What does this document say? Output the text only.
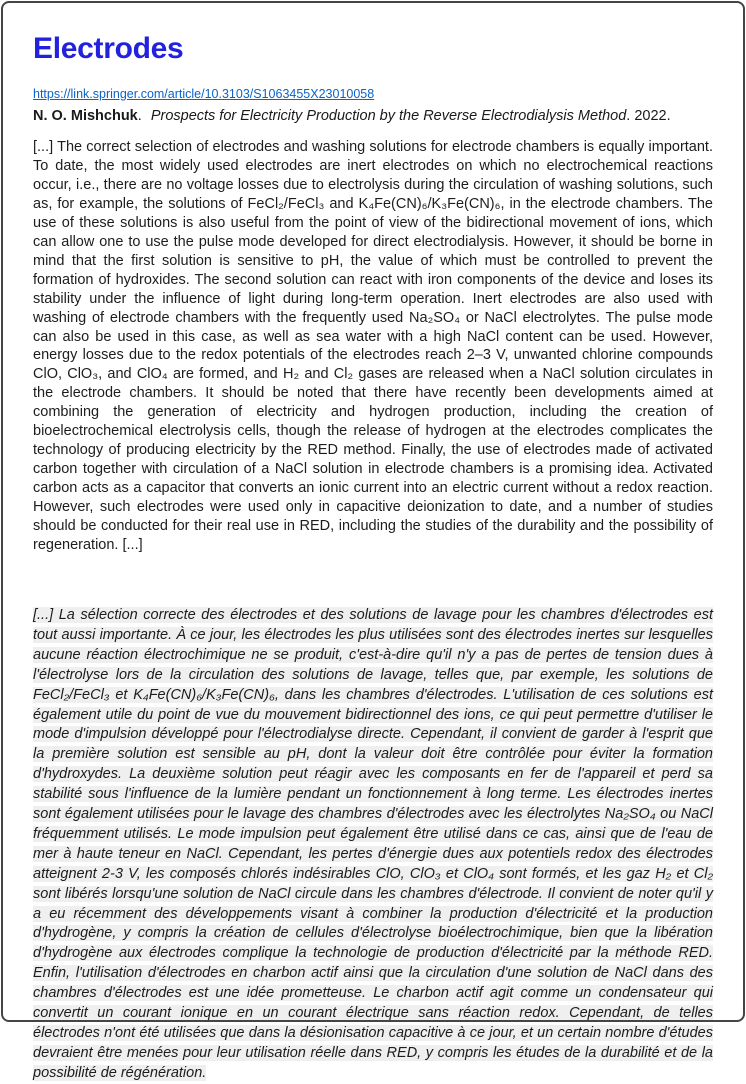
Electrodes
https://link.springer.com/article/10.3103/S1063455X23010058

N. O. Mishchuk. Prospects for Electricity Production by the Reverse Electrodialysis Method. 2022.

[...] The correct selection of electrodes and washing solutions for electrode chambers is equally important. To date, the most widely used electrodes are inert electrodes on which no electrochemical reactions occur, i.e., there are no voltage losses due to electrolysis during the circulation of washing solutions, such as, for example, the solutions of FeCl₂/FeCl₃ and K₄Fe(CN)₆/K₃Fe(CN)₆, in the electrode chambers. The use of these solutions is also useful from the point of view of the bidirectional movement of ions, which can allow one to use the pulse mode developed for direct electrodialysis. However, it should be borne in mind that the first solution is sensitive to pH, the value of which must be controlled to prevent the formation of hydroxides. The second solution can react with iron components of the device and loses its stability under the influence of light during long-term operation. Inert electrodes are also used with washing of electrode chambers with the frequently used Na₂SO₄ or NaCl electrolytes. The pulse mode can also be used in this case, as well as sea water with a high NaCl content can be used. However, energy losses due to the redox potentials of the electrodes reach 2–3 V, unwanted chlorine compounds ClO, ClO₃, and ClO₄ are formed, and H₂ and Cl₂ gases are released when a NaCl solution circulates in the electrode chambers. It should be noted that there have recently been developments aimed at combining the generation of electricity and hydrogen production, including the creation of bioelectrochemical electrolysis cells, though the release of hydrogen at the electrodes complicates the technology of producing electricity by the RED method. Finally, the use of electrodes made of activated carbon together with circulation of a NaCl solution in electrode chambers is a promising idea. Activated carbon acts as a capacitor that converts an ionic current into an electric current without a redox reaction. However, such electrodes were used only in capacitive deionization to date, and a number of studies should be conducted for their real use in RED, including the studies of the durability and the possibility of regeneration. [...]

[...] La sélection correcte des électrodes et des solutions de lavage pour les chambres d'électrodes est tout aussi importante. À ce jour, les électrodes les plus utilisées sont des électrodes inertes sur lesquelles aucune réaction électrochimique ne se produit, c'est-à-dire qu'il n'y a pas de pertes de tension dues à l'électrolyse lors de la circulation des solutions de lavage, telles que, par exemple, les solutions de FeCl₂/FeCl₃ et K₄Fe(CN)₆/K₃Fe(CN)₆, dans les chambres d'électrodes. L'utilisation de ces solutions est également utile du point de vue du mouvement bidirectionnel des ions, ce qui peut permettre d'utiliser le mode d'impulsion développé pour l'électrodialyse directe. Cependant, il convient de garder à l'esprit que la première solution est sensible au pH, dont la valeur doit être contrôlée pour éviter la formation d'hydroxydes. La deuxième solution peut réagir avec les composants en fer de l'appareil et perd sa stabilité sous l'influence de la lumière pendant un fonctionnement à long terme. Les électrodes inertes sont également utilisées pour le lavage des chambres d'électrodes avec les électrolytes Na₂SO₄ ou NaCl fréquemment utilisés. Le mode impulsion peut également être utilisé dans ce cas, ainsi que de l'eau de mer à haute teneur en NaCl. Cependant, les pertes d'énergie dues aux potentiels redox des électrodes atteignent 2-3 V, les composés chlorés indésirables ClO, ClO₃ et ClO₄ sont formés, et les gaz H₂ et Cl₂ sont libérés lorsqu'une solution de NaCl circule dans les chambres d'électrode. Il convient de noter qu'il y a eu récemment des développements visant à combiner la production d'électricité et la production d'hydrogène, y compris la création de cellules d'électrolyse bioélectrochimique, bien que la libération d'hydrogène aux électrodes complique la technologie de production d'électricité par la méthode RED. Enfin, l'utilisation d'électrodes en charbon actif ainsi que la circulation d'une solution de NaCl dans des chambres d'électrodes est une idée prometteuse. Le charbon actif agit comme un condensateur qui convertit un courant ionique en un courant électrique sans réaction redox. Cependant, de telles électrodes n'ont été utilisées que dans la désionisation capacitive à ce jour, et un certain nombre d'études devraient être menées pour leur utilisation réelle dans RED, y compris les études de la durabilité et de la possibilité de régénération.
